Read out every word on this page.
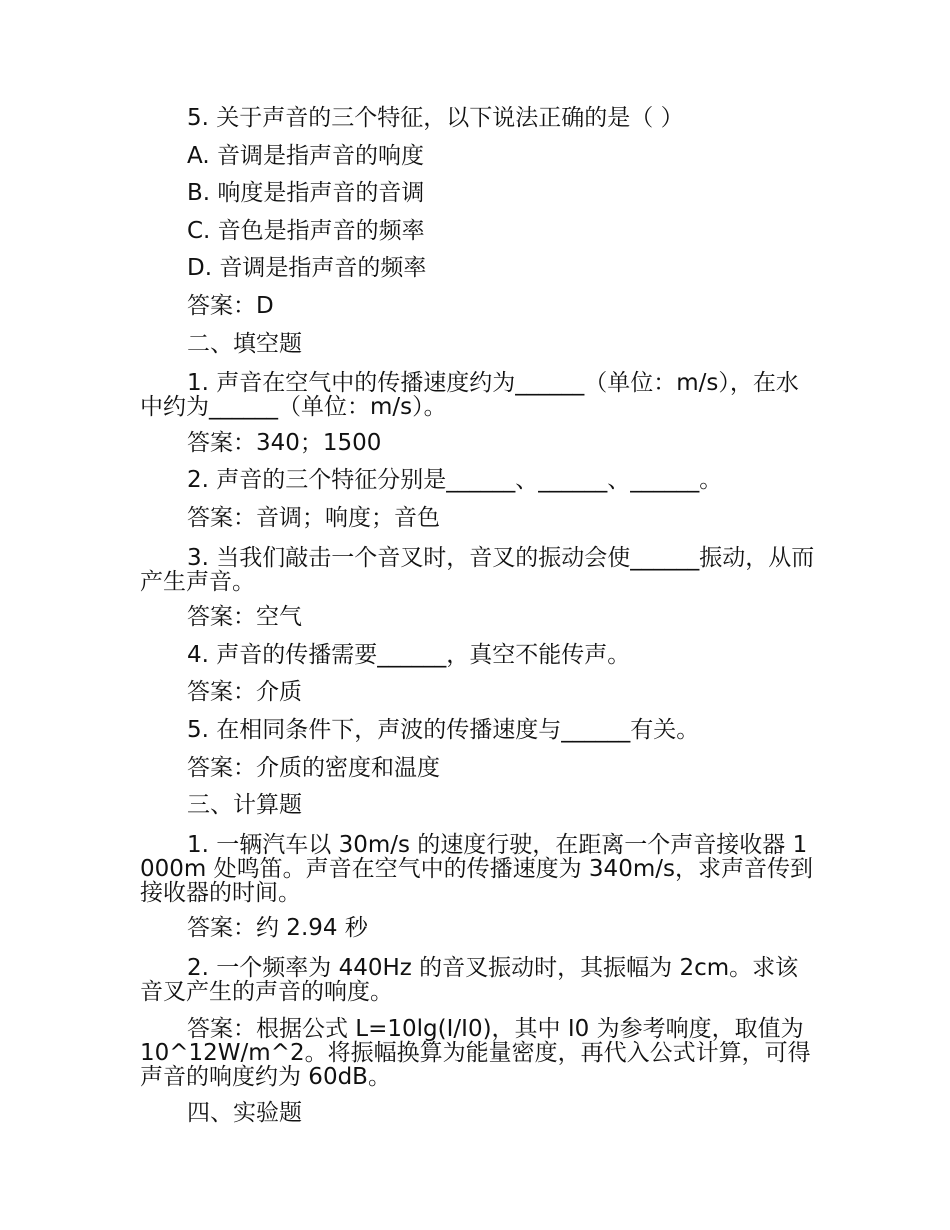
5. 关于声音的三个特征，以下说法正确的是（ ）
A. 音调是指声音的响度
B. 响度是指声音的音调
C. 音色是指声音的频率
D. 音调是指声音的频率
答案：D
二、填空题
1. 声音在空气中的传播速度约为______（单位：m/s），在水中约为______（单位：m/s）。
答案：340；1500
2. 声音的三个特征分别是______、______、______。
答案：音调；响度；音色
3. 当我们敲击一个音叉时，音叉的振动会使______振动，从而产生声音。
答案：空气
4. 声音的传播需要______，真空不能传声。
答案：介质
5. 在相同条件下，声波的传播速度与______有关。
答案：介质的密度和温度
三、计算题
1. 一辆汽车以 30m/s 的速度行驶，在距离一个声音接收器 1000m 处鸣笛。声音在空气中的传播速度为 340m/s，求声音传到接收器的时间。
答案：约 2.94 秒
2. 一个频率为 440Hz 的音叉振动时，其振幅为 2cm。求该音叉产生的声音的响度。
答案：根据公式 L=10lg(I/I0)，其中 I0 为参考响度，取值为 10^12W/m^2。将振幅换算为能量密度，再代入公式计算，可得声音的响度约为 60dB。
四、实验题
